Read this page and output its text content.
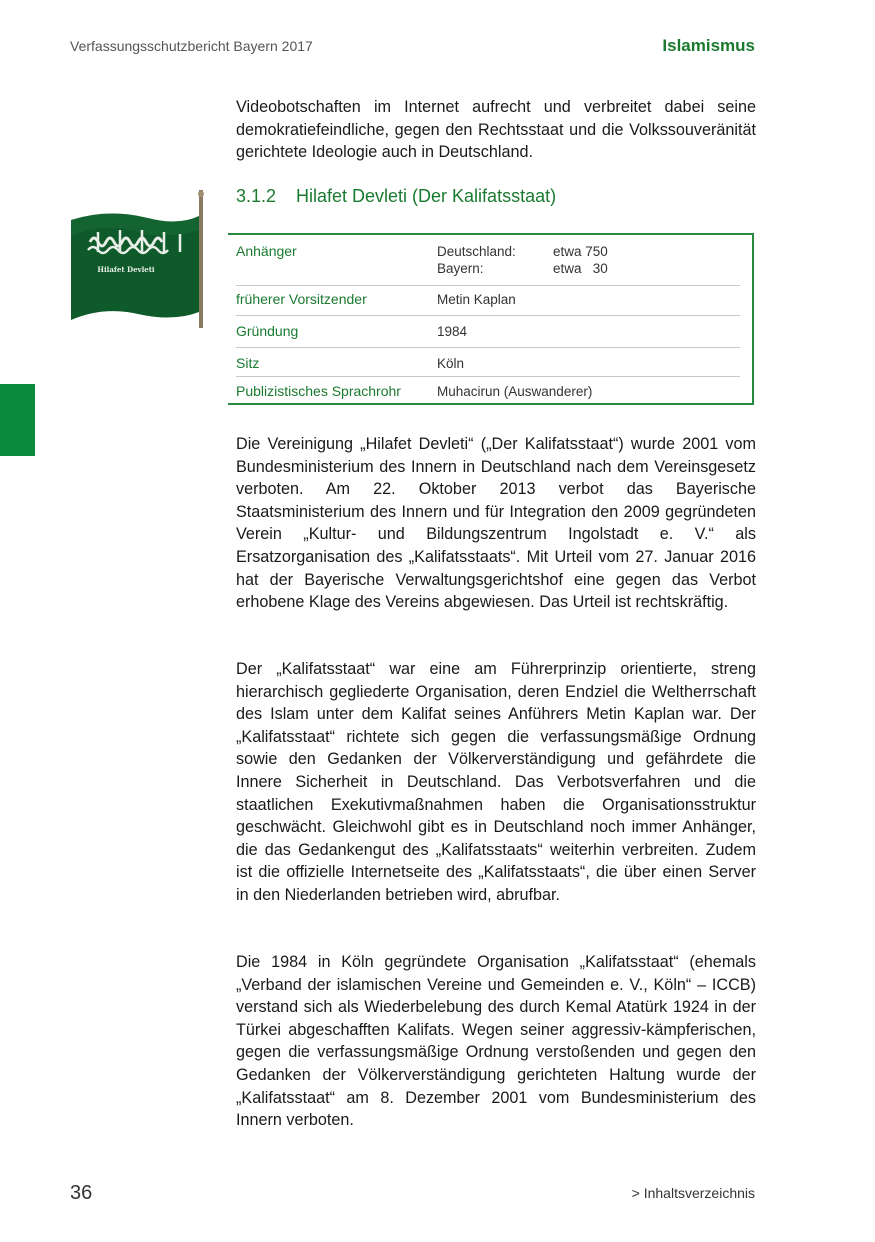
Verfassungsschutzbericht Bayern 2017	Islamismus

Videobotschaften im Internet aufrecht und verbreitet dabei seine demokratiefeindliche, gegen den Rechtsstaat und die Volkssouveränität gerichtete Ideologie auch in Deutschland.

Hilafet Devleti
3.1.2 Hilafet Devleti (Der Kalifatsstaat)
Anhänger	Deutschland:	etwa 750
Bayern:	etwa   30
früherer Vorsitzender	Metin Kaplan
Gründung	1984
Sitz	Köln
Publizistisches Sprachrohr	Muhacirun (Auswanderer)

Die Vereinigung „Hilafet Devleti“ („Der Kalifatsstaat“) wurde 2001 vom Bundesministerium des Innern in Deutschland nach dem Vereinsgesetz verboten. Am 22. Oktober 2013 verbot das Bayerische Staatsministerium des Innern und für Integration den 2009 gegründeten Verein „Kultur- und Bildungszentrum Ingolstadt e. V.“ als Ersatzorganisation des „Kalifatsstaats“. Mit Urteil vom 27. Januar 2016 hat der Bayerische Verwaltungsgerichtshof eine gegen das Verbot erhobene Klage des Vereins abgewiesen. Das Urteil ist rechtskräftig.

Der „Kalifatsstaat“ war eine am Führerprinzip orientierte, streng hierarchisch gegliederte Organisation, deren Endziel die Weltherrschaft des Islam unter dem Kalifat seines Anführers Metin Kaplan war. Der „Kalifatsstaat“ richtete sich gegen die verfassungsmäßige Ordnung sowie den Gedanken der Völkerverständigung und gefährdete die Innere Sicherheit in Deutschland. Das Verbotsverfahren und die staatlichen Exekutivmaßnahmen haben die Organisationsstruktur geschwächt. Gleichwohl gibt es in Deutschland noch immer Anhänger, die das Gedankengut des „Kalifatsstaats“ weiterhin verbreiten. Zudem ist die offizielle Internetseite des „Kalifatsstaats“, die über einen Server in den Niederlanden betrieben wird, abrufbar.

Die 1984 in Köln gegründete Organisation „Kalifatsstaat“ (ehemals „Verband der islamischen Vereine und Gemeinden e. V., Köln“ – ICCB) verstand sich als Wiederbelebung des durch Kemal Atatürk 1924 in der Türkei abgeschafften Kalifats. Wegen seiner aggressiv-kämpferischen, gegen die verfassungsmäßige Ordnung verstoßenden und gegen den Gedanken der Völkerverständigung gerichteten Haltung wurde der „Kalifatsstaat“ am 8. Dezember 2001 vom Bundesministerium des Innern verboten.

36	> Inhaltsverzeichnis
